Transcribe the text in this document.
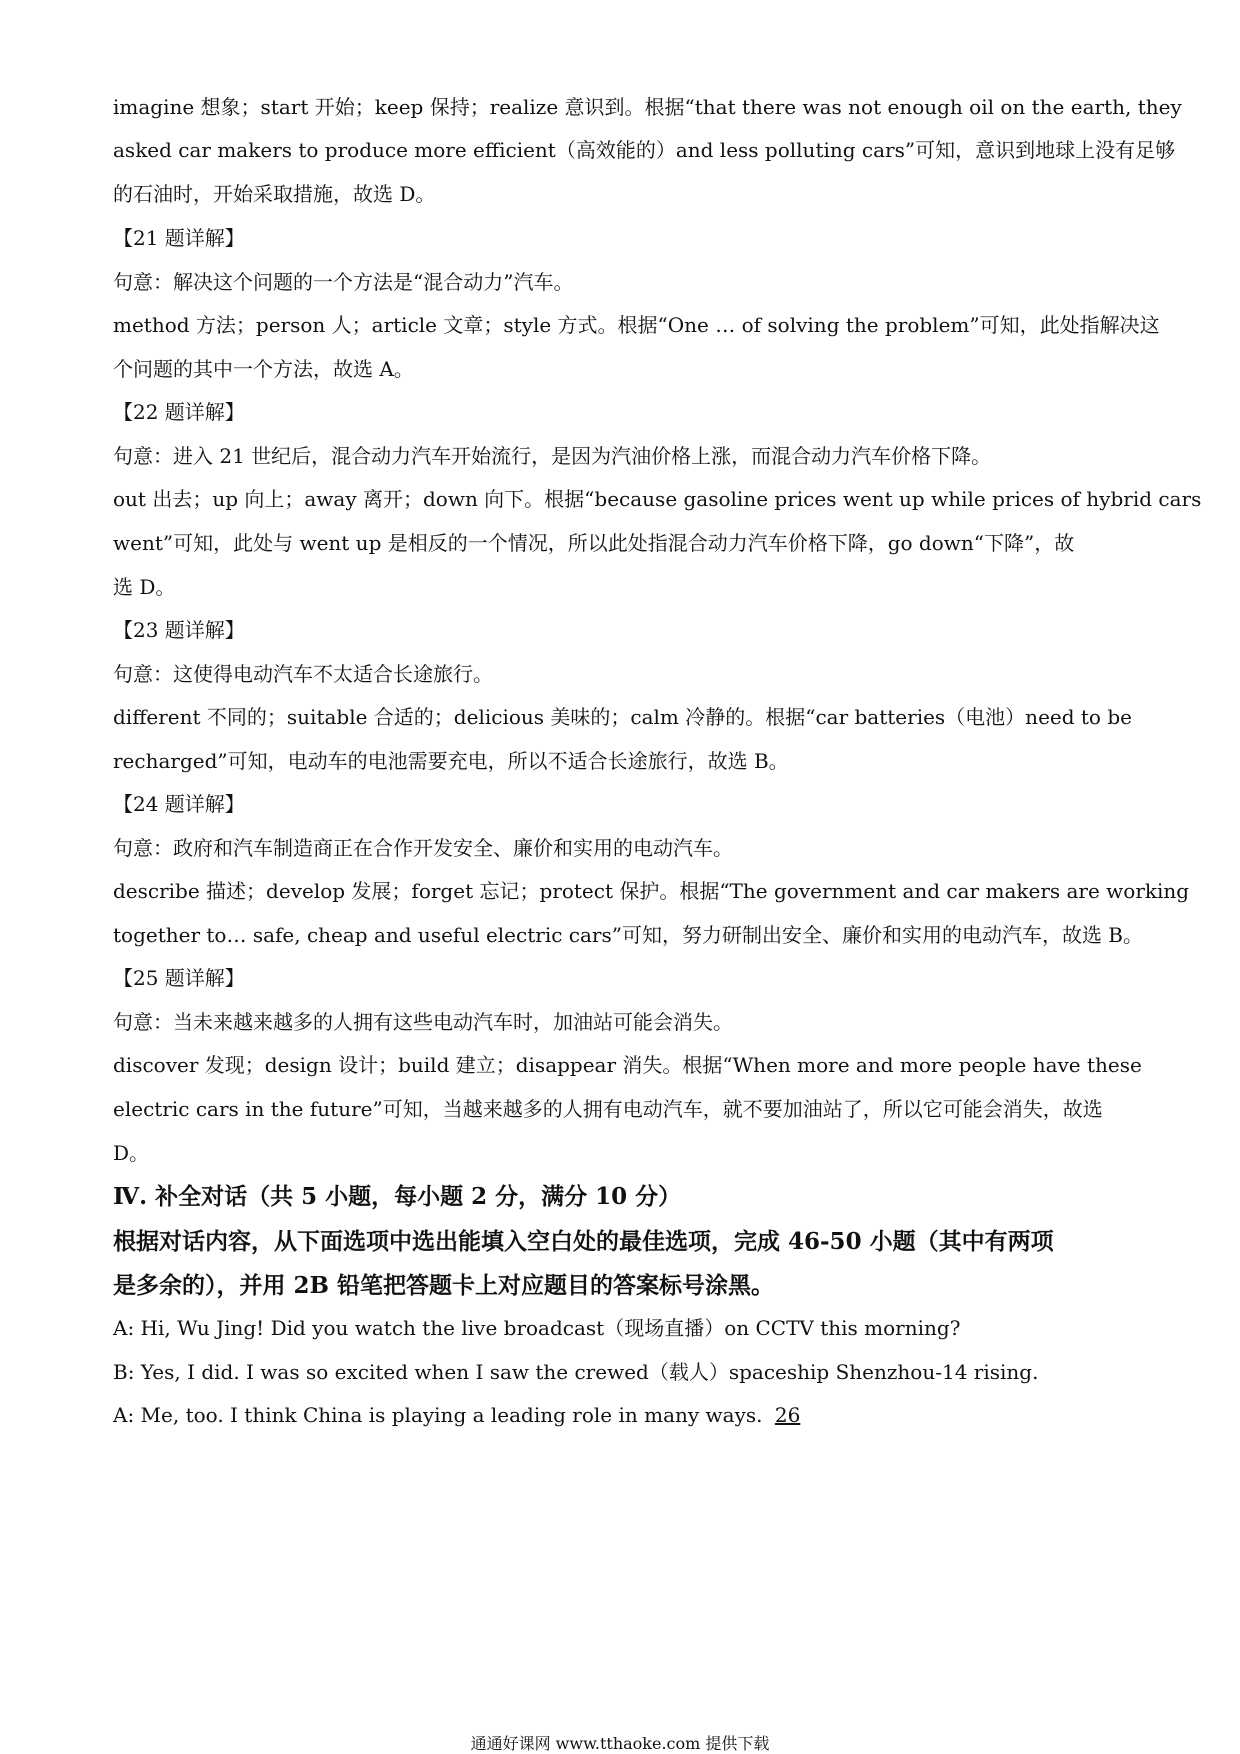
imagine 想象；start 开始；keep 保持；realize 意识到。根据“that there was not enough oil on the earth, they
asked car makers to produce more efficient（高效能的）and less polluting cars”可知，意识到地球上没有足够
的石油时，开始采取措施，故选 D。
【21 题详解】
句意：解决这个问题的一个方法是“混合动力”汽车。
method 方法；person 人；article 文章；style 方式。根据“One … of solving the problem”可知，此处指解决这
个问题的其中一个方法，故选 A。
【22 题详解】
句意：进入 21 世纪后，混合动力汽车开始流行，是因为汽油价格上涨，而混合动力汽车价格下降。
out 出去；up 向上；away 离开；down 向下。根据“because gasoline prices went up while prices of hybrid cars
went”可知，此处与 went up 是相反的一个情况，所以此处指混合动力汽车价格下降，go down“下降”，故
选 D。
【23 题详解】
句意：这使得电动汽车不太适合长途旅行。
different 不同的；suitable 合适的；delicious 美味的；calm 冷静的。根据“car batteries（电池）need to be
recharged”可知，电动车的电池需要充电，所以不适合长途旅行，故选 B。
【24 题详解】
句意：政府和汽车制造商正在合作开发安全、廉价和实用的电动汽车。
describe 描述；develop 发展；forget 忘记；protect 保护。根据“The government and car makers are working
together to… safe, cheap and useful electric cars”可知，努力研制出安全、廉价和实用的电动汽车，故选 B。
【25 题详解】
句意：当未来越来越多的人拥有这些电动汽车时，加油站可能会消失。
discover 发现；design 设计；build 建立；disappear 消失。根据“When more and more people have these
electric cars in the future”可知，当越来越多的人拥有电动汽车，就不要加油站了，所以它可能会消失，故选
D。
Ⅳ. 补全对话（共 5 小题，每小题 2 分，满分 10 分）
根据对话内容，从下面选项中选出能填入空白处的最佳选项，完成 46-50 小题（其中有两项
是多余的），并用 2B 铅笔把答题卡上对应题目的答案标号涂黑。
A: Hi, Wu Jing! Did you watch the live broadcast（现场直播）on CCTV this morning?
B: Yes, I did. I was so excited when I saw the crewed（载人）spaceship Shenzhou-14 rising.
A: Me, too. I think China is playing a leading role in many ways. 26
通通好课网 www.tthaoke.com 提供下载
